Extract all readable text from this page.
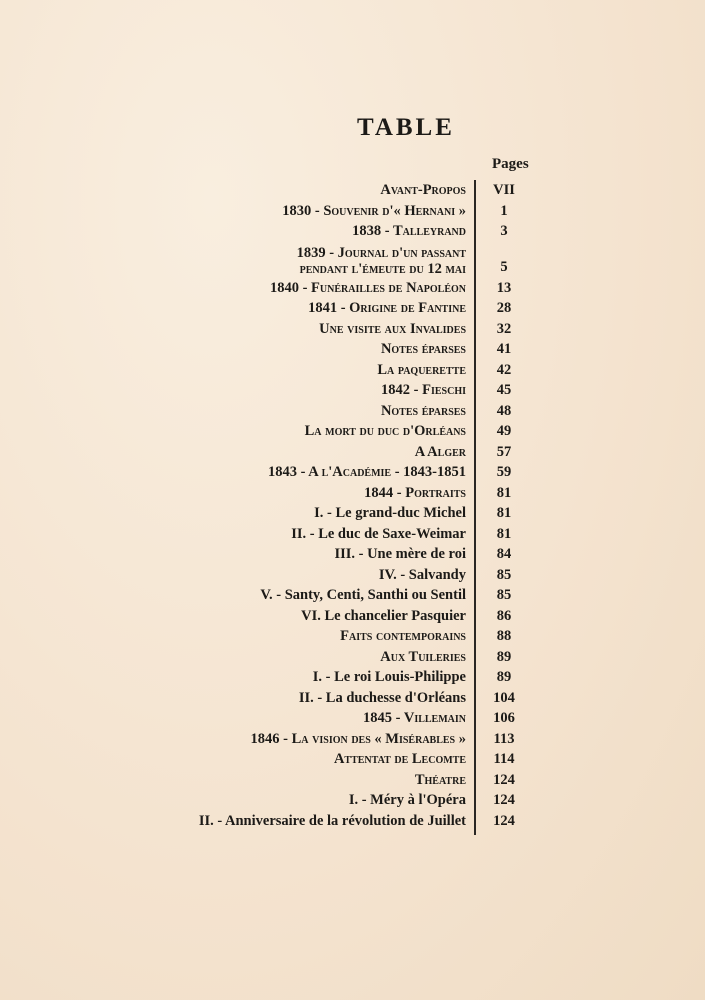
TABLE
Pages
Avant-Propos	VII
1830 - Souvenir d'« Hernani »	1
1838 - Talleyrand	3
1839 - Journal d'un passant
pendant l'émeute du 12 mai	5
1840 - Funérailles de Napoléon	13
1841 - Origine de Fantine	28
Une visite aux Invalides	32
Notes éparses	41
La paquerette	42
1842 - Fieschi	45
Notes éparses	48
La mort du duc d'Orléans	49
A Alger	57
1843 - A l'Académie - 1843-1851	59
1844 - Portraits	81
I. - Le grand-duc Michel	81
II. - Le duc de Saxe-Weimar	81
III. - Une mère de roi	84
IV. - Salvandy	85
V. - Santy, Centi, Santhi ou Sentil	85
VI. Le chancelier Pasquier	86
Faits contemporains	88
Aux Tuileries	89
I. - Le roi Louis-Philippe	89
II. - La duchesse d'Orléans	104
1845 - Villemain	106
1846 - La vision des « Misérables »	113
Attentat de Lecomte	114
Théatre	124
I. - Méry à l'Opéra	124
II. - Anniversaire de la révolution de Juillet	124
